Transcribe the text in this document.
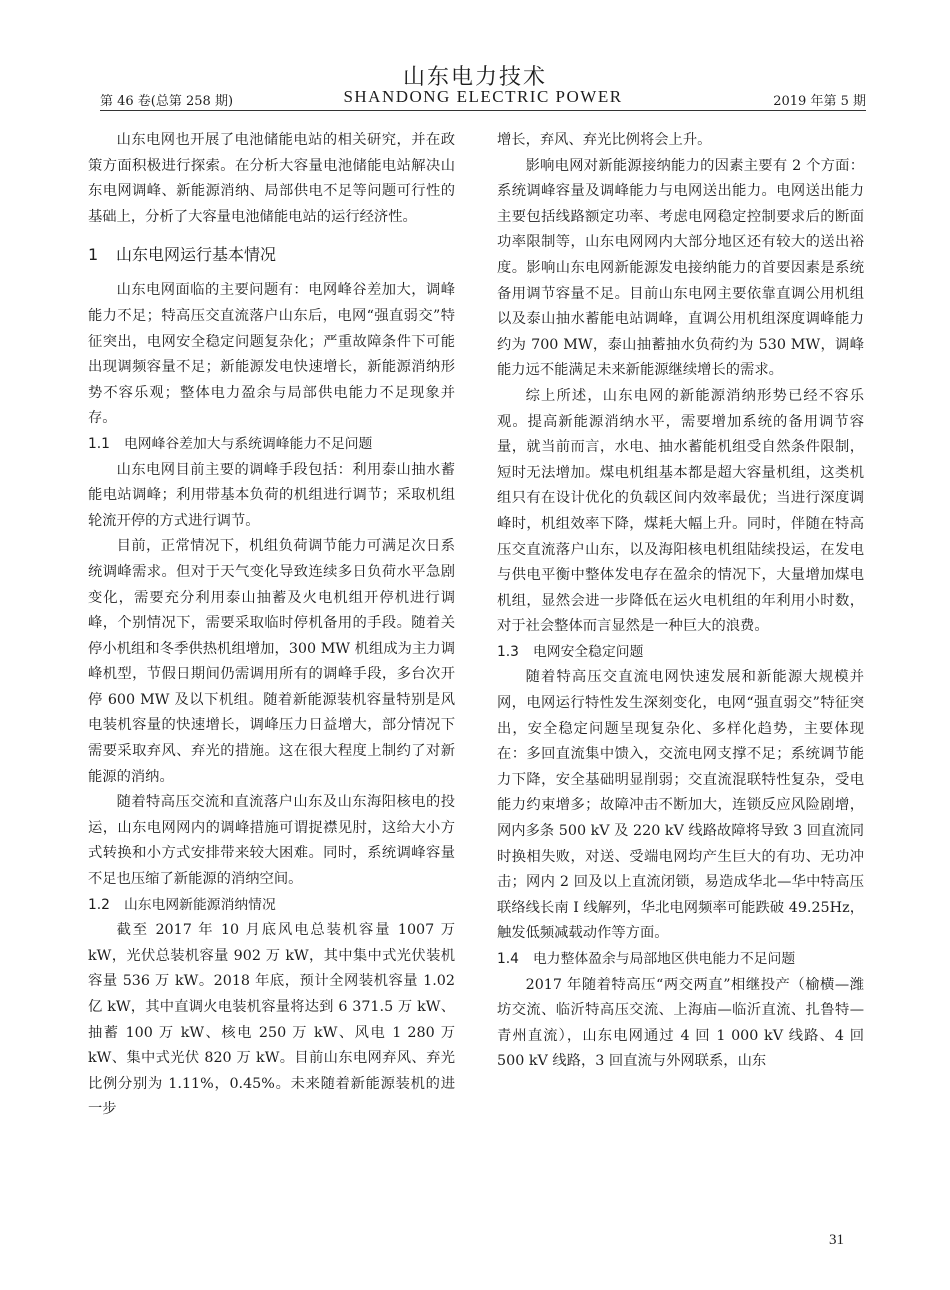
山东电力技术
第 46 卷(总第 258 期)	SHANDONG ELECTRIC POWER	2019 年第 5 期

山东电网也开展了电池储能电站的相关研究，并在政策方面积极进行探索。在分析大容量电池储能电站解决山东电网调峰、新能源消纳、局部供电不足等问题可行性的基础上，分析了大容量电池储能电站的运行经济性。

1 山东电网运行基本情况

山东电网面临的主要问题有：电网峰谷差加大，调峰能力不足；特高压交直流落户山东后，电网“强直弱交”特征突出，电网安全稳定问题复杂化；严重故障条件下可能出现调频容量不足；新能源发电快速增长，新能源消纳形势不容乐观；整体电力盈余与局部供电能力不足现象并存。

1.1 电网峰谷差加大与系统调峰能力不足问题

山东电网目前主要的调峰手段包括：利用泰山抽水蓄能电站调峰；利用带基本负荷的机组进行调节；采取机组轮流开停的方式进行调节。

目前，正常情况下，机组负荷调节能力可满足次日系统调峰需求。但对于天气变化导致连续多日负荷水平急剧变化，需要充分利用泰山抽蓄及火电机组开停机进行调峰，个别情况下，需要采取临时停机备用的手段。随着关停小机组和冬季供热机组增加，300 MW 机组成为主力调峰机型，节假日期间仍需调用所有的调峰手段，多台次开停 600 MW 及以下机组。随着新能源装机容量特别是风电装机容量的快速增长，调峰压力日益增大，部分情况下需要采取弃风、弃光的措施。这在很大程度上制约了对新能源的消纳。

随着特高压交流和直流落户山东及山东海阳核电的投运，山东电网网内的调峰措施可谓捉襟见肘，这给大小方式转换和小方式安排带来较大困难。同时，系统调峰容量不足也压缩了新能源的消纳空间。

1.2 山东电网新能源消纳情况

截至 2017 年 10 月底风电总装机容量 1007 万 kW，光伏总装机容量 902 万 kW，其中集中式光伏装机容量 536 万 kW。2018 年底，预计全网装机容量 1.02 亿 kW，其中直调火电装机容量将达到 6 371.5 万 kW、抽蓄 100 万 kW、核电 250 万 kW、风电 1 280 万 kW、集中式光伏 820 万 kW。目前山东电网弃风、弃光比例分别为 1.11%，0.45%。未来随着新能源装机的进一步

增长，弃风、弃光比例将会上升。

影响电网对新能源接纳能力的因素主要有 2 个方面：系统调峰容量及调峰能力与电网送出能力。电网送出能力主要包括线路额定功率、考虑电网稳定控制要求后的断面功率限制等，山东电网网内大部分地区还有较大的送出裕度。影响山东电网新能源发电接纳能力的首要因素是系统备用调节容量不足。目前山东电网主要依靠直调公用机组以及泰山抽水蓄能电站调峰，直调公用机组深度调峰能力约为 700 MW，泰山抽蓄抽水负荷约为 530 MW，调峰能力远不能满足未来新能源继续增长的需求。

综上所述，山东电网的新能源消纳形势已经不容乐观。提高新能源消纳水平，需要增加系统的备用调节容量，就当前而言，水电、抽水蓄能机组受自然条件限制，短时无法增加。煤电机组基本都是超大容量机组，这类机组只有在设计优化的负载区间内效率最优；当进行深度调峰时，机组效率下降，煤耗大幅上升。同时，伴随在特高压交直流落户山东，以及海阳核电机组陆续投运，在发电与供电平衡中整体发电存在盈余的情况下，大量增加煤电机组，显然会进一步降低在运火电机组的年利用小时数，对于社会整体而言显然是一种巨大的浪费。

1.3 电网安全稳定问题

随着特高压交直流电网快速发展和新能源大规模并网，电网运行特性发生深刻变化，电网“强直弱交”特征突出，安全稳定问题呈现复杂化、多样化趋势，主要体现在：多回直流集中馈入，交流电网支撑不足；系统调节能力下降，安全基础明显削弱；交直流混联特性复杂，受电能力约束增多；故障冲击不断加大，连锁反应风险剧增，网内多条 500 kV 及 220 kV 线路故障将导致 3 回直流同时换相失败，对送、受端电网均产生巨大的有功、无功冲击；网内 2 回及以上直流闭锁，易造成华北—华中特高压联络线长南 I 线解列，华北电网频率可能跌破 49.25Hz，触发低频减载动作等方面。

1.4 电力整体盈余与局部地区供电能力不足问题

2017 年随着特高压“两交两直”相继投产（榆横—潍坊交流、临沂特高压交流、上海庙—临沂直流、扎鲁特—青州直流），山东电网通过 4 回 1 000 kV 线路、4 回 500 kV 线路，3 回直流与外网联系，山东

31
